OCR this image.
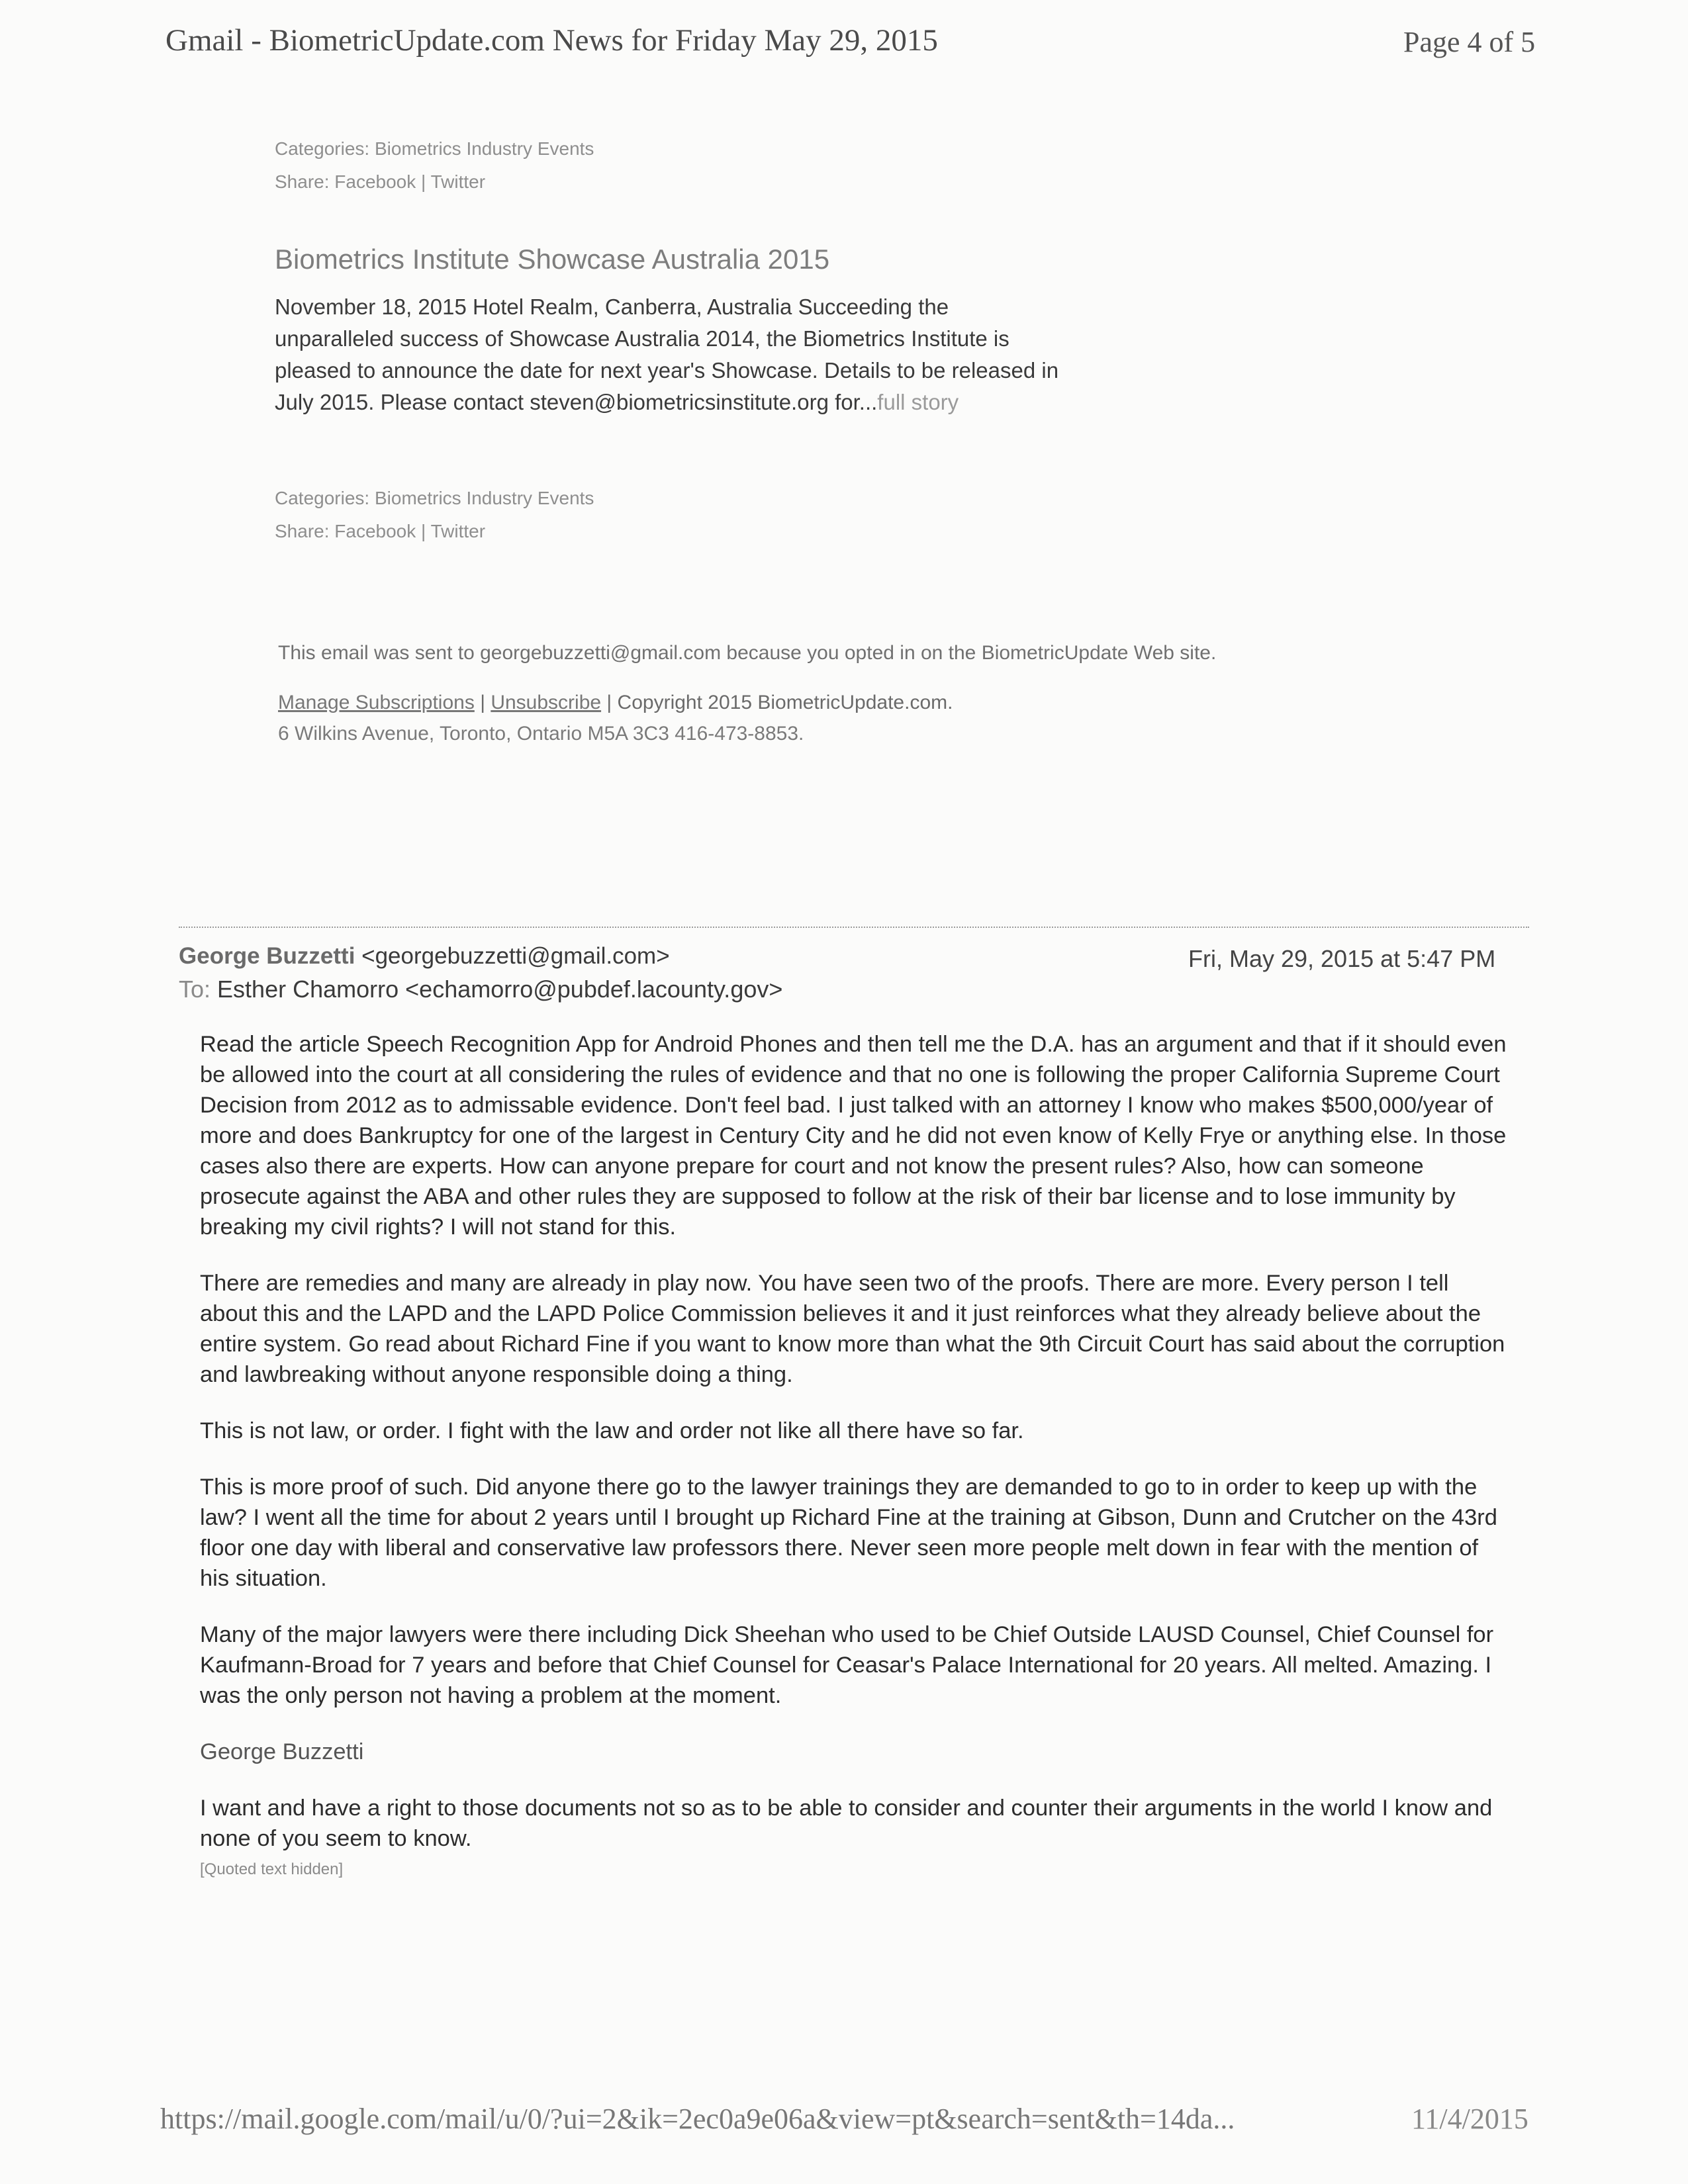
Gmail - BiometricUpdate.com News for Friday May 29, 2015	Page 4 of 5
Categories: Biometrics Industry Events
Share: Facebook | Twitter
Biometrics Institute Showcase Australia 2015
November 18, 2015 Hotel Realm, Canberra, Australia Succeeding the unparalleled success of Showcase Australia 2014, the Biometrics Institute is pleased to announce the date for next year's Showcase. Details to be released in July 2015. Please contact steven@biometricsinstitute.org for...full story
Categories: Biometrics Industry Events
Share: Facebook | Twitter
This email was sent to georgebuzzetti@gmail.com because you opted in on the BiometricUpdate Web site.
Manage Subscriptions | Unsubscribe | Copyright 2015 BiometricUpdate.com.
6 Wilkins Avenue, Toronto, Ontario M5A 3C3 416-473-8853.
George Buzzetti <georgebuzzetti@gmail.com>	Fri, May 29, 2015 at 5:47 PM
To: Esther Chamorro <echamorro@pubdef.lacounty.gov>

Read the article Speech Recognition App for Android Phones and then tell me the D.A. has an argument and that if it should even be allowed into the court at all considering the rules of evidence and that no one is following the proper California Supreme Court Decision from 2012 as to admissable evidence. Don't feel bad. I just talked with an attorney I know who makes $500,000/year of more and does Bankruptcy for one of the largest in Century City and he did not even know of Kelly Frye or anything else. In those cases also there are experts. How can anyone prepare for court and not know the present rules? Also, how can someone prosecute against the ABA and other rules they are supposed to follow at the risk of their bar license and to lose immunity by breaking my civil rights? I will not stand for this.

There are remedies and many are already in play now. You have seen two of the proofs. There are more. Every person I tell about this and the LAPD and the LAPD Police Commission believes it and it just reinforces what they already believe about the entire system. Go read about Richard Fine if you want to know more than what the 9th Circuit Court has said about the corruption and lawbreaking without anyone responsible doing a thing.

This is not law, or order. I fight with the law and order not like all there have so far.

This is more proof of such. Did anyone there go to the lawyer trainings they are demanded to go to in order to keep up with the law? I went all the time for about 2 years until I brought up Richard Fine at the training at Gibson, Dunn and Crutcher on the 43rd floor one day with liberal and conservative law professors there. Never seen more people melt down in fear with the mention of his situation.

Many of the major lawyers were there including Dick Sheehan who used to be Chief Outside LAUSD Counsel, Chief Counsel for Kaufmann-Broad for 7 years and before that Chief Counsel for Ceasar's Palace International for 20 years. All melted. Amazing. I was the only person not having a problem at the moment.

George Buzzetti

I want and have a right to those documents not so as to be able to consider and counter their arguments in the world I know and none of you seem to know.

[Quoted text hidden]
https://mail.google.com/mail/u/0/?ui=2&ik=2ec0a9e06a&view=pt&search=sent&th=14da...	11/4/2015
